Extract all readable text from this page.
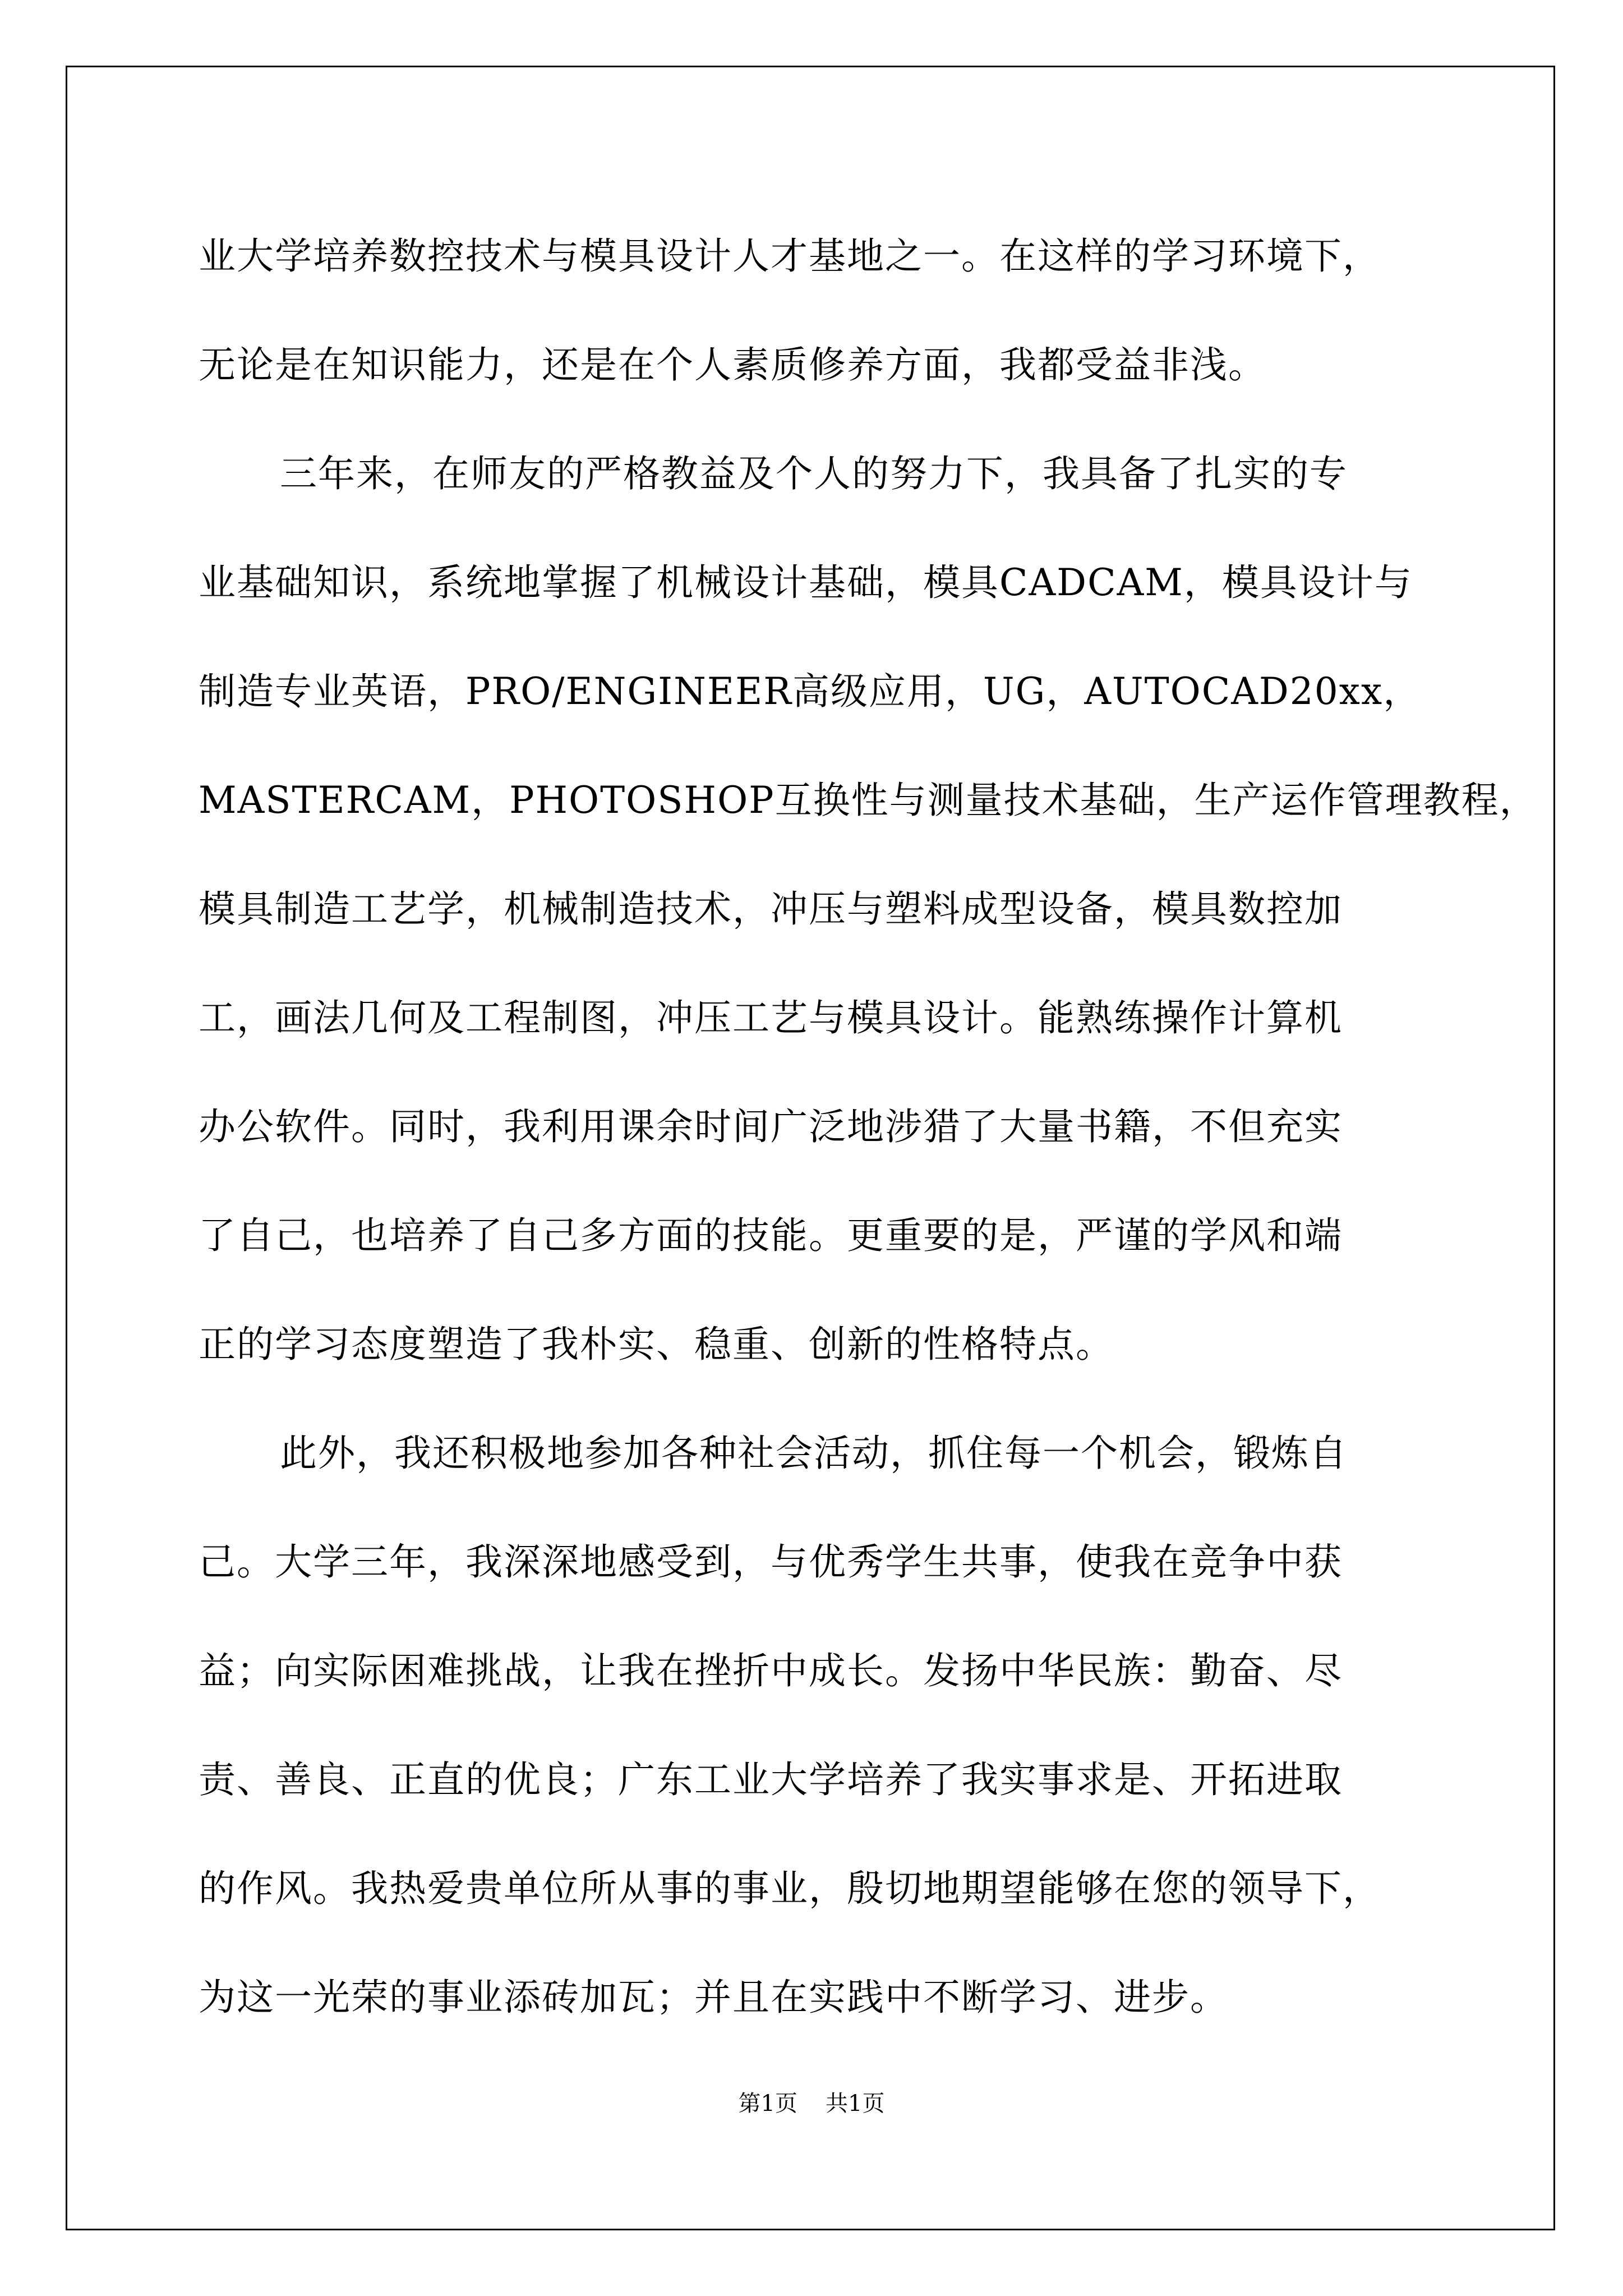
业大学培养数控技术与模具设计人才基地之一。在这样的学习环境下，
无论是在知识能力，还是在个人素质修养方面，我都受益非浅。
三年来，在师友的严格教益及个人的努力下，我具备了扎实的专
业基础知识，系统地掌握了机械设计基础，模具CADCAM，模具设计与
制造专业英语，PRO/ENGINEER高级应用，UG，AUTOCAD20xx，
MASTERCAM，PHOTOSHOP互换性与测量技术基础，生产运作管理教程，
模具制造工艺学，机械制造技术，冲压与塑料成型设备，模具数控加
工，画法几何及工程制图，冲压工艺与模具设计。能熟练操作计算机
办公软件。同时，我利用课余时间广泛地涉猎了大量书籍，不但充实
了自己，也培养了自己多方面的技能。更重要的是，严谨的学风和端
正的学习态度塑造了我朴实、稳重、创新的性格特点。
此外，我还积极地参加各种社会活动，抓住每一个机会，锻炼自
己。大学三年，我深深地感受到，与优秀学生共事，使我在竞争中获
益；向实际困难挑战，让我在挫折中成长。发扬中华民族：勤奋、尽
责、善良、正直的优良；广东工业大学培养了我实事求是、开拓进取
的作风。我热爱贵单位所从事的事业，殷切地期望能够在您的领导下，
为这一光荣的事业添砖加瓦；并且在实践中不断学习、进步。
第1页 共1页
